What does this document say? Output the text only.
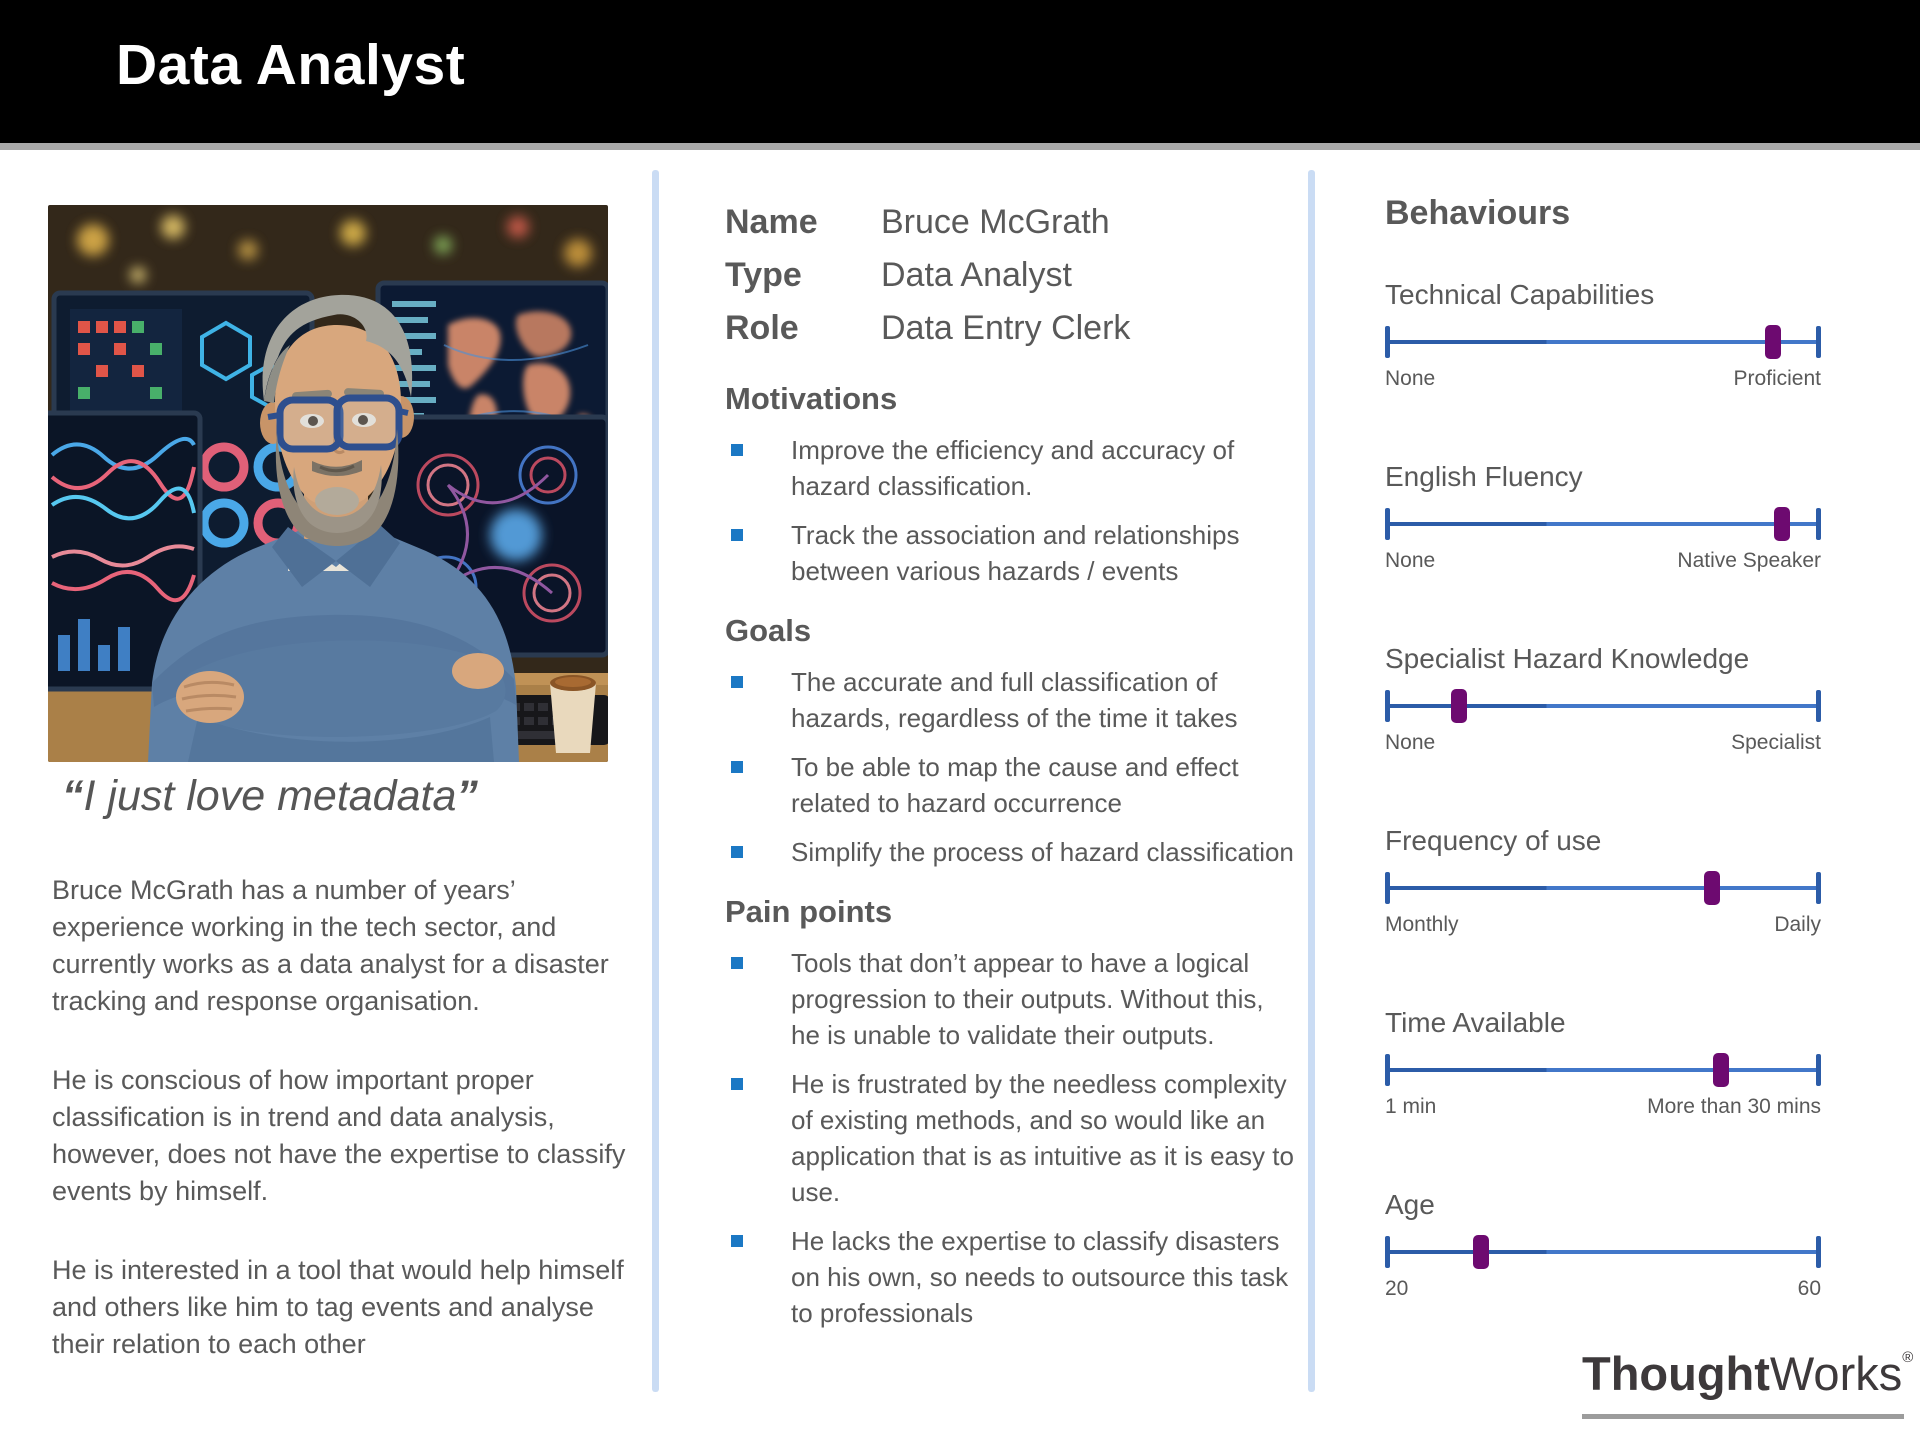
Data Analyst
“I just love metadata”

Bruce McGrath has a number of years’ experience working in the tech sector, and currently works as a data analyst for a disaster tracking and response organisation.

He is conscious of how important proper classification is in trend and data analysis, however, does not have the expertise to classify events by himself.

He is interested in a tool that would help himself and others like him to tag events and analyse their relation to each other

Name	Bruce McGrath
Type	Data Analyst
Role	Data Entry Clerk
Motivations
Improve the efficiency and accuracy of hazard classification.
Track the association and relationships between various hazards / events
Goals
The accurate and full classification of hazards, regardless of the time it takes
To be able to map the cause and effect related to hazard occurrence
Simplify the process of hazard classification
Pain points
Tools that don’t appear to have a logical progression to their outputs. Without this, he is unable to validate their outputs.
He is frustrated by the needless complexity of existing methods, and so would like an application that is as intuitive as it is easy to use.
He lacks the expertise to classify disasters on his own, so needs to outsource this task to professionals
Behaviours
Technical Capabilities
None	Proficient
English Fluency
None	Native Speaker
Specialist Hazard Knowledge
None	Specialist
Frequency of use
Monthly	Daily
Time Available
1 min	More than 30 mins
Age
20	60
ThoughtWorks®
